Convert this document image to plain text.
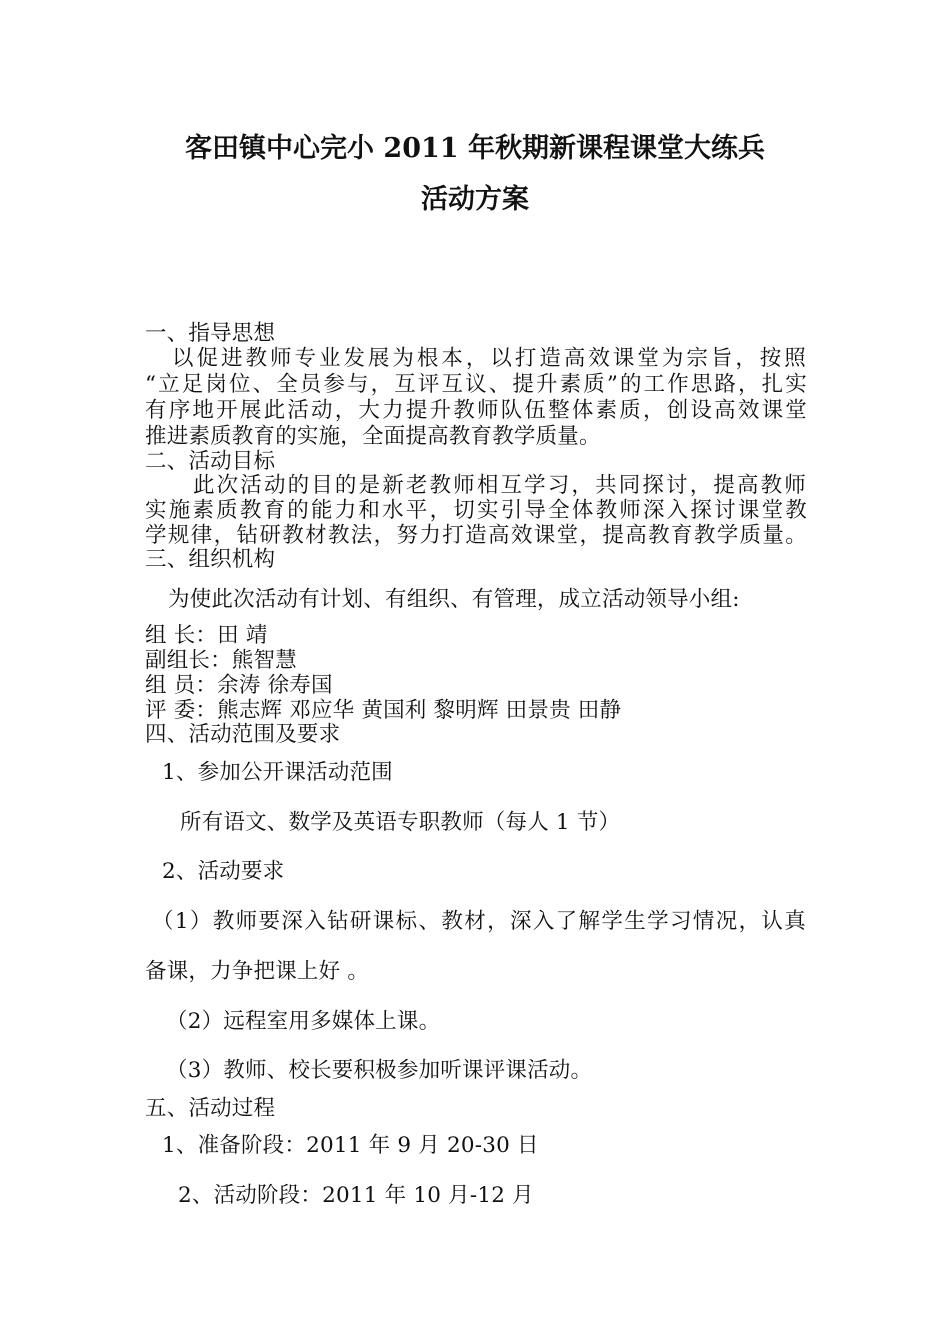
客田镇中心完小 2011 年秋期新课程课堂大练兵
活动方案
一、指导思想
以促进教师专业发展为根本，以打造高效课堂为宗旨，按照
“立足岗位、全员参与，互评互议、提升素质”的工作思路，扎实
有序地开展此活动，大力提升教师队伍整体素质，创设高效课堂
推进素质教育的实施，全面提高教育教学质量。
二、活动目标
此次活动的目的是新老教师相互学习，共同探讨，提高教师
实施素质教育的能力和水平，切实引导全体教师深入探讨课堂教
学规律，钻研教材教法，努力打造高效课堂，提高教育教学质量。
三、组织机构
为使此次活动有计划、有组织、有管理，成立活动领导小组:
组 长：田 靖
副组长：熊智慧
组 员：余涛 徐寿国
评 委：熊志辉 邓应华 黄国利 黎明辉 田景贵 田静
四、活动范围及要求
1、参加公开课活动范围
所有语文、数学及英语专职教师（每人 1 节）
2、活动要求
（1）教师要深入钻研课标、教材，深入了解学生学习情况，认真
备课，力争把课上好 。
（2）远程室用多媒体上课。
（3）教师、校长要积极参加听课评课活动。
五、活动过程
1、准备阶段：2011 年 9 月 20-30 日
2、活动阶段：2011 年 10 月-12 月
